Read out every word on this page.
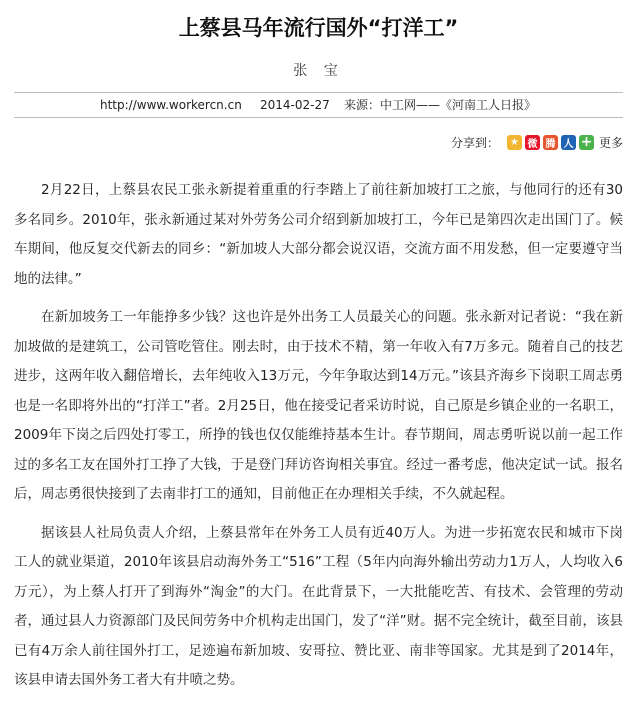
上蔡县马年流行国外“打洋工”
张 宝
http://www.workercn.cn 2014-02-27 来源：中工网——《河南工人日报》
分享到：	★ 微 腾 人 + 更多

2月22日，上蔡县农民工张永新提着重重的行李踏上了前往新加坡打工之旅，与他同行的还有30多名同乡。2010年，张永新通过某对外劳务公司介绍到新加坡打工，今年已是第四次走出国门了。候车期间，他反复交代新去的同乡：“新加坡人大部分都会说汉语，交流方面不用发愁，但一定要遵守当地的法律。”

在新加坡务工一年能挣多少钱？这也许是外出务工人员最关心的问题。张永新对记者说：“我在新加坡做的是建筑工，公司管吃管住。刚去时，由于技术不精，第一年收入有7万多元。随着自己的技艺进步，这两年收入翻倍增长，去年纯收入13万元，今年争取达到14万元。”该县齐海乡下岗职工周志勇也是一名即将外出的“打洋工”者。2月25日，他在接受记者采访时说，自己原是乡镇企业的一名职工，2009年下岗之后四处打零工，所挣的钱也仅仅能维持基本生计。春节期间，周志勇听说以前一起工作过的多名工友在国外打工挣了大钱，于是登门拜访咨询相关事宜。经过一番考虑，他决定试一试。报名后，周志勇很快接到了去南非打工的通知，目前他正在办理相关手续，不久就起程。

据该县人社局负责人介绍，上蔡县常年在外务工人员有近40万人。为进一步拓宽农民和城市下岗工人的就业渠道，2010年该县启动海外务工“516”工程（5年内向海外输出劳动力1万人，人均收入6万元），为上蔡人打开了到海外“淘金”的大门。在此背景下，一大批能吃苦、有技术、会管理的劳动者，通过县人力资源部门及民间劳务中介机构走出国门，发了“洋”财。据不完全统计，截至目前，该县已有4万余人前往国外打工，足迹遍布新加坡、安哥拉、赞比亚、南非等国家。尤其是到了2014年，该县申请去国外务工者大有井喷之势。
